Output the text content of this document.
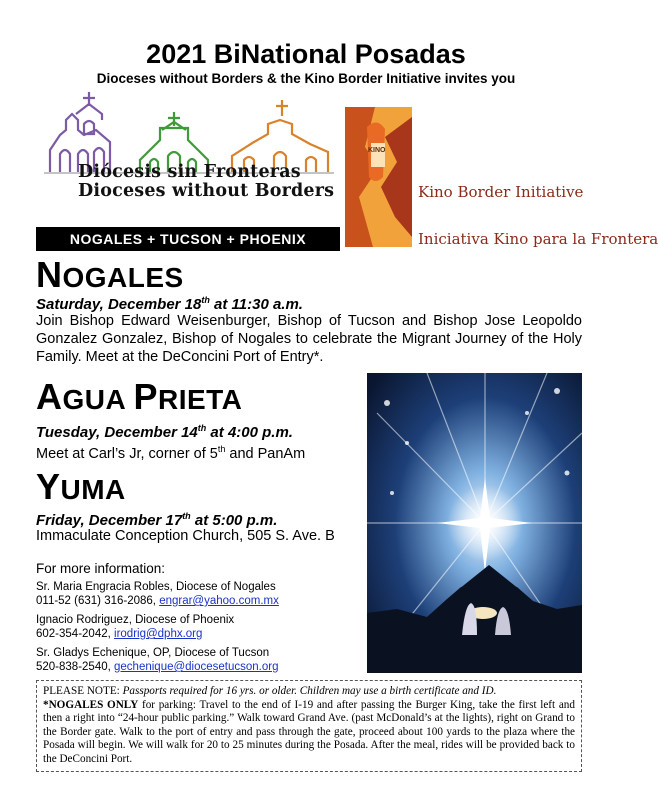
2021 BiNational Posadas
Dioceses without Borders & the Kino Border Initiative invites you
Diócesis sin Fronteras
Dioceses without Borders
NOGALES + TUCSON + PHOENIX
KINO
Kino Border Initiative
Iniciativa Kino para la Frontera
NOGALES
Saturday, December 18th at 11:30 a.m.
Join Bishop Edward Weisenburger, Bishop of Tucson and Bishop Jose Leopoldo Gonzalez Gonzalez, Bishop of Nogales to celebrate the Migrant Journey of the Holy Family. Meet at the DeConcini Port of Entry*.
AGUA PRIETA
Tuesday, December 14th at 4:00 p.m.
Meet at Carl’s Jr, corner of 5th and PanAm
YUMA
Friday, December 17th at 5:00 p.m.
Immaculate Conception Church, 505 S. Ave. B
For more information:
Sr. Maria Engracia Robles, Diocese of Nogales
011-52 (631) 316-2086, engrar@yahoo.com.mx
Ignacio Rodriguez, Diocese of Phoenix
602-354-2042, irodrig@dphx.org
Sr. Gladys Echenique, OP, Diocese of Tucson
520-838-2540, gechenique@diocesetucson.org
PLEASE NOTE: Passports required for 16 yrs. or older. Children may use a birth certificate and ID.
*NOGALES ONLY for parking: Travel to the end of I-19 and after passing the Burger King, take the first left and then a right into “24-hour public parking.” Walk toward Grand Ave. (past McDonald’s at the lights), right on Grand to the Border gate. Walk to the port of entry and pass through the gate, proceed about 100 yards to the plaza where the Posada will begin. We will walk for 20 to 25 minutes during the Posada. After the meal, rides will be provided back to the DeConcini Port.
